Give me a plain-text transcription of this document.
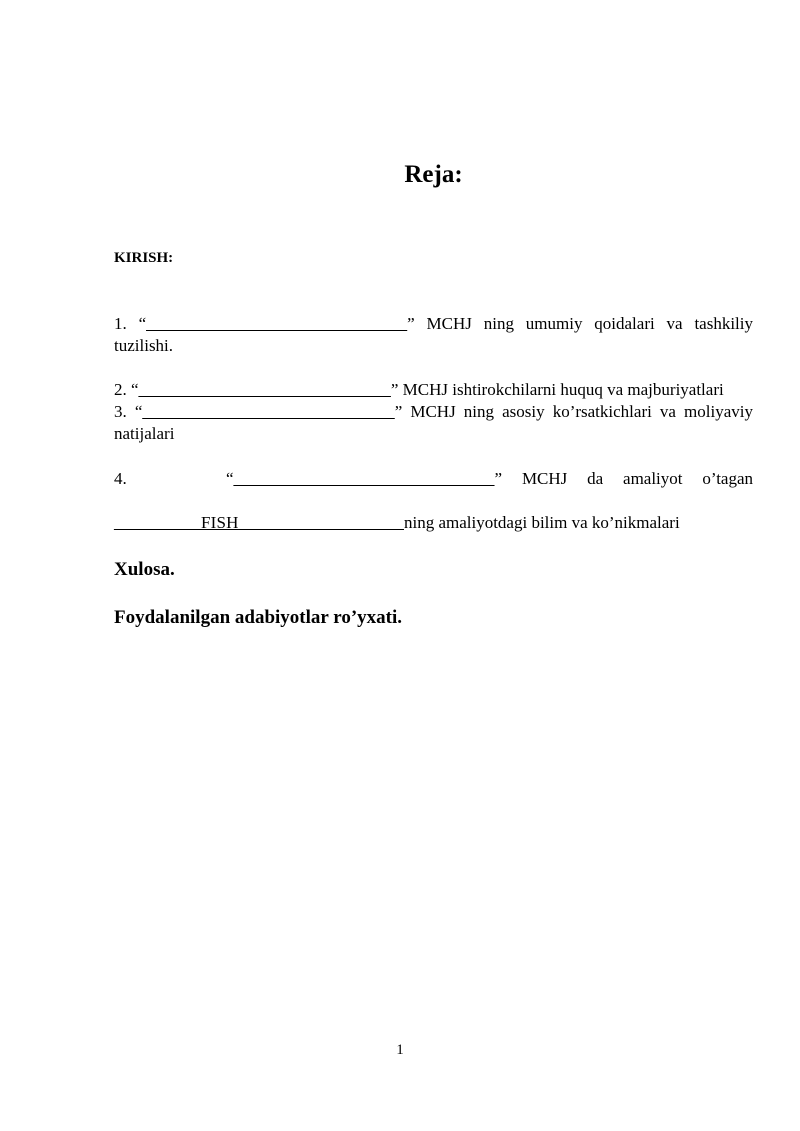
Reja:
KIRISH:
1. “______________________________” MCHJ ning umumiy qoidalari va tashkiliy tuzilishi.
2. “_____________________________” MCHJ ishtirokchilarni huquq va majburiyatlari
3. “_____________________________” MCHJ ning asosiy ko’rsatkichlari va moliyaviy natijalari
4.	“______________________________” MCHJ da amaliyot o’tagan
__________FISH___________________ning amaliyotdagi bilim va ko’nikmalari
Xulosa.
Foydalanilgan adabiyotlar ro’yxati.
1
